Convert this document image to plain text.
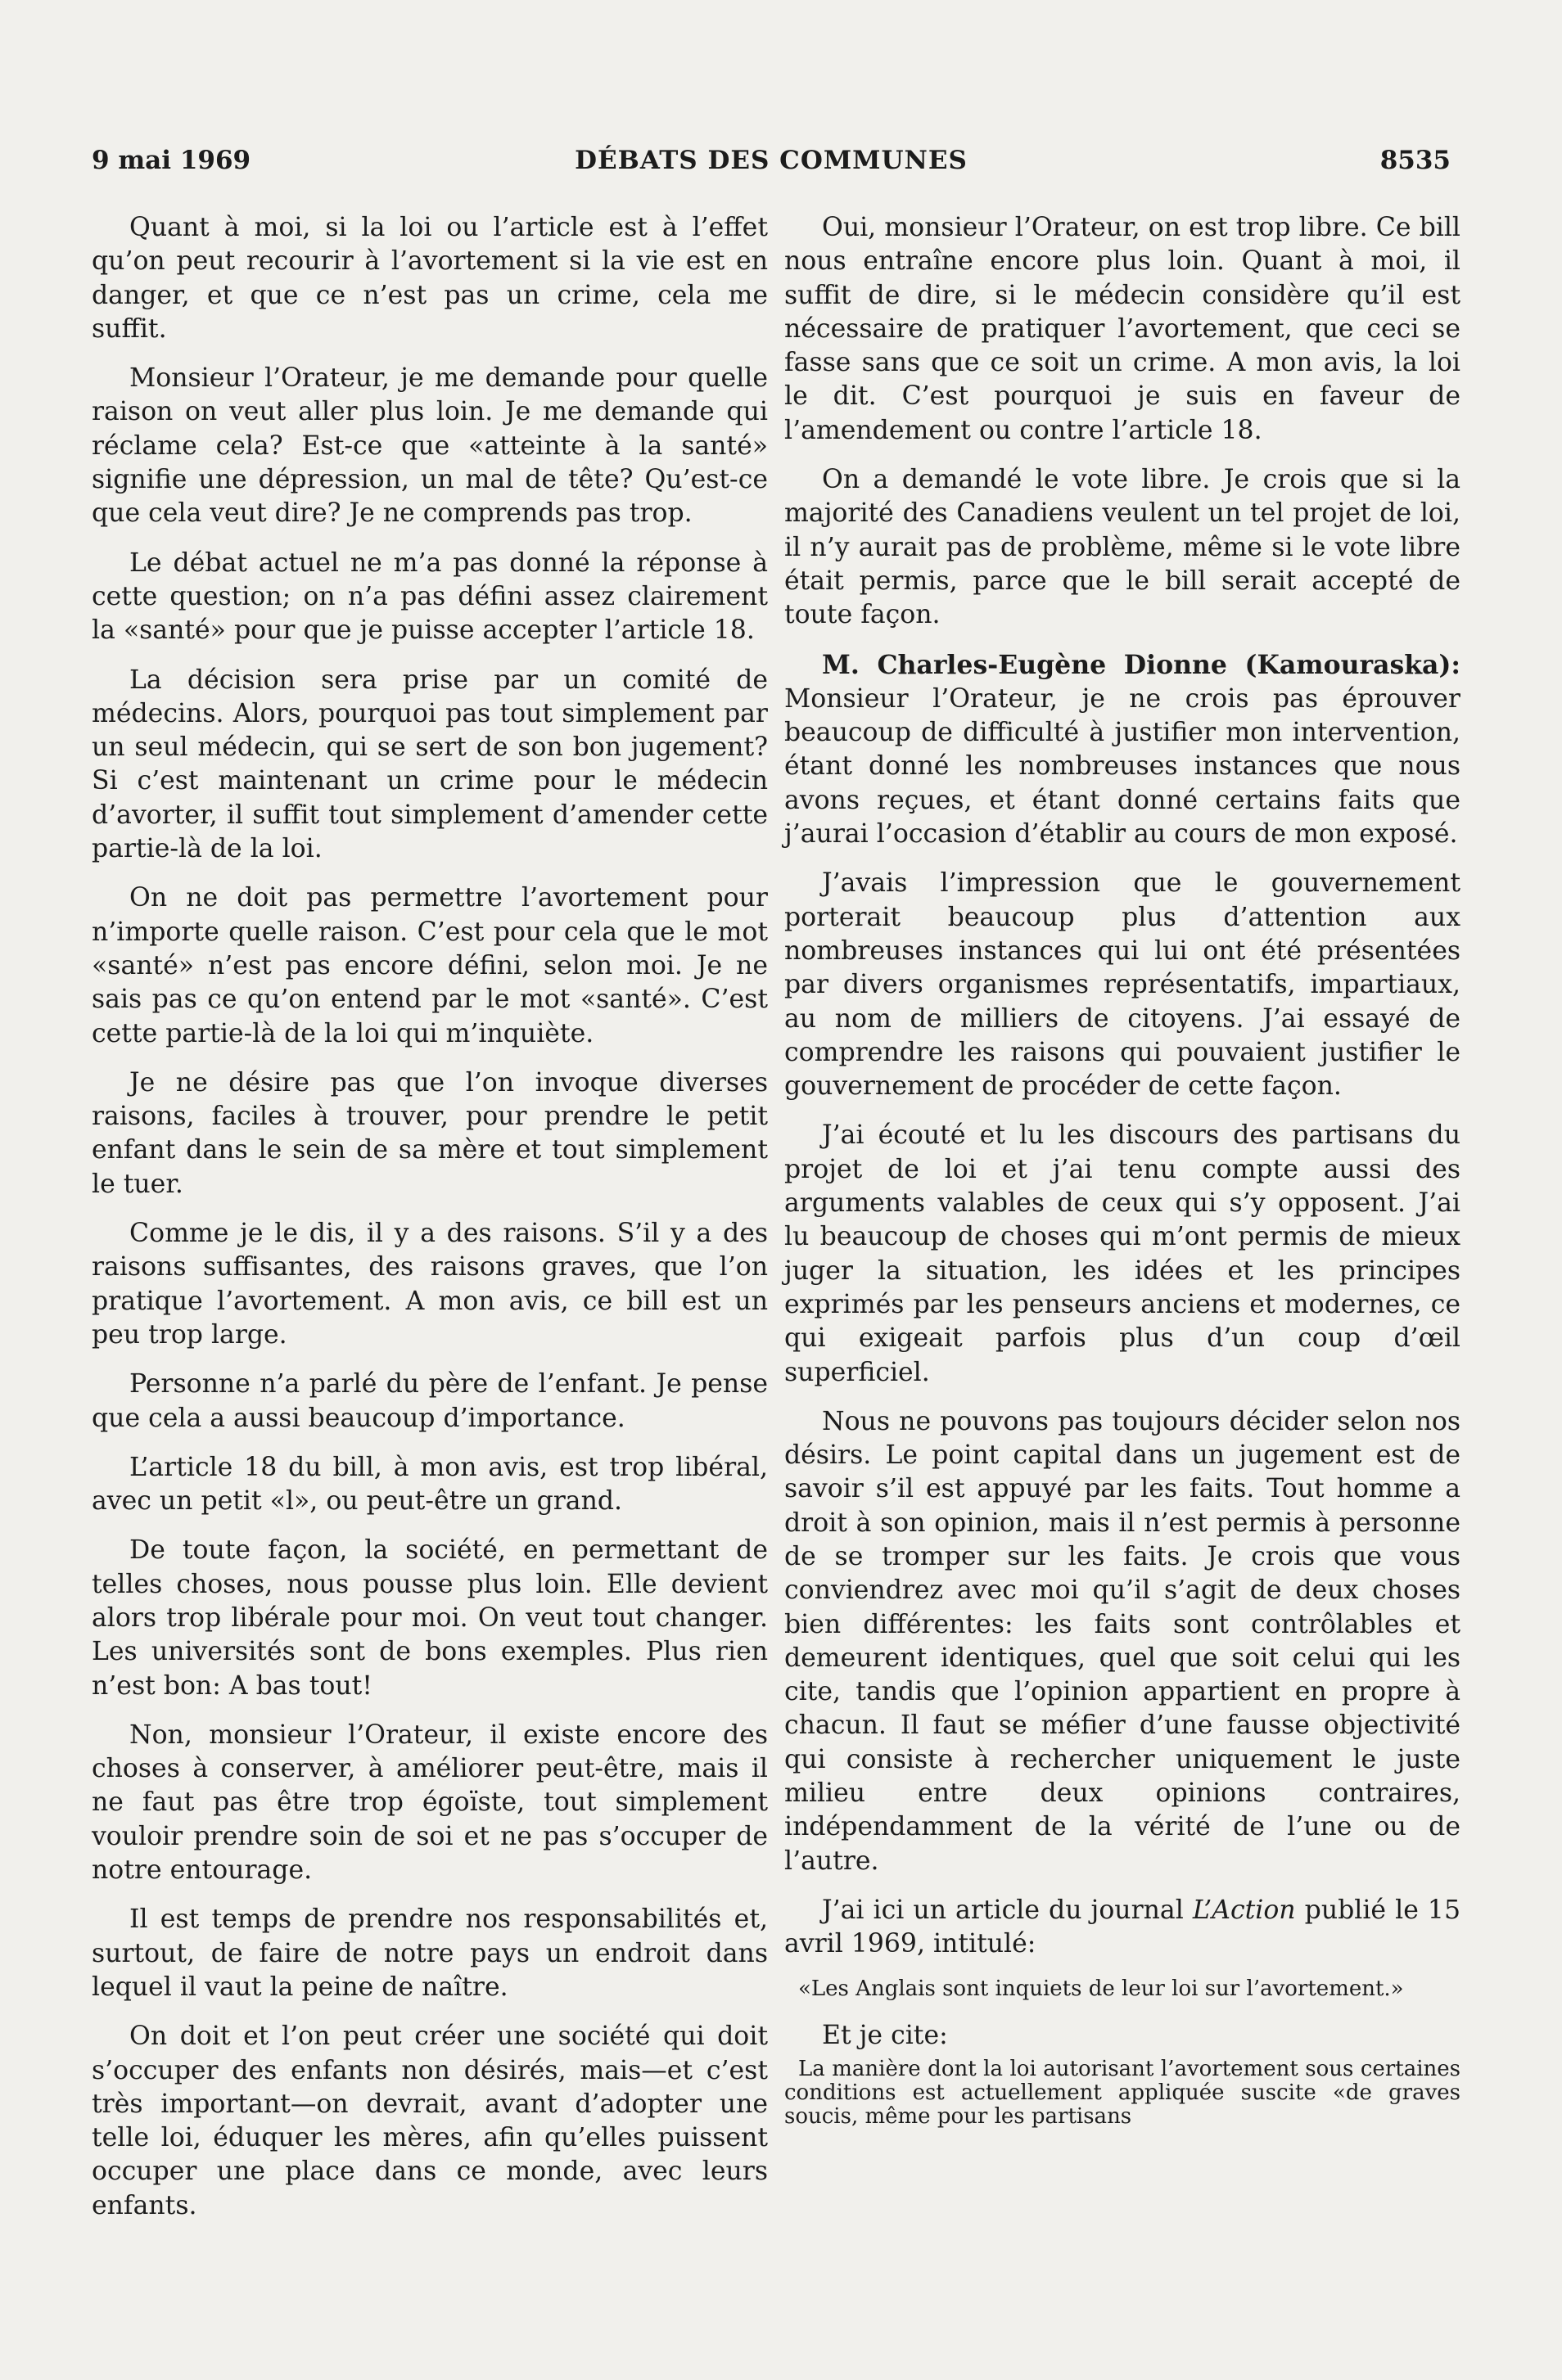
9 mai 1969	DÉBATS DES COMMUNES	8535

Quant à moi, si la loi ou l’article est à l’effet qu’on peut recourir à l’avortement si la vie est en danger, et que ce n’est pas un crime, cela me suffit.

Monsieur l’Orateur, je me demande pour quelle raison on veut aller plus loin. Je me demande qui réclame cela? Est-ce que «atteinte à la santé» signifie une dépression, un mal de tête? Qu’est-ce que cela veut dire? Je ne comprends pas trop.

Le débat actuel ne m’a pas donné la réponse à cette question; on n’a pas défini assez clairement la «santé» pour que je puisse accepter l’article 18.

La décision sera prise par un comité de médecins. Alors, pourquoi pas tout simplement par un seul médecin, qui se sert de son bon jugement? Si c’est maintenant un crime pour le médecin d’avorter, il suffit tout simplement d’amender cette partie-là de la loi.

On ne doit pas permettre l’avortement pour n’importe quelle raison. C’est pour cela que le mot «santé» n’est pas encore défini, selon moi. Je ne sais pas ce qu’on entend par le mot «santé». C’est cette partie-là de la loi qui m’inquiète.

Je ne désire pas que l’on invoque diverses raisons, faciles à trouver, pour prendre le petit enfant dans le sein de sa mère et tout simplement le tuer.

Comme je le dis, il y a des raisons. S’il y a des raisons suffisantes, des raisons graves, que l’on pratique l’avortement. A mon avis, ce bill est un peu trop large.

Personne n’a parlé du père de l’enfant. Je pense que cela a aussi beaucoup d’importance.

L’article 18 du bill, à mon avis, est trop libéral, avec un petit «l», ou peut-être un grand.

De toute façon, la société, en permettant de telles choses, nous pousse plus loin. Elle devient alors trop libérale pour moi. On veut tout changer. Les universités sont de bons exemples. Plus rien n’est bon: A bas tout!

Non, monsieur l’Orateur, il existe encore des choses à conserver, à améliorer peut-être, mais il ne faut pas être trop égoïste, tout simplement vouloir prendre soin de soi et ne pas s’occuper de notre entourage.

Il est temps de prendre nos responsabilités et, surtout, de faire de notre pays un endroit dans lequel il vaut la peine de naître.

On doit et l’on peut créer une société qui doit s’occuper des enfants non désirés, mais—et c’est très important—on devrait, avant d’adopter une telle loi, éduquer les mères, afin qu’elles puissent occuper une place dans ce monde, avec leurs enfants.

Oui, monsieur l’Orateur, on est trop libre. Ce bill nous entraîne encore plus loin. Quant à moi, il suffit de dire, si le médecin considère qu’il est nécessaire de pratiquer l’avortement, que ceci se fasse sans que ce soit un crime. A mon avis, la loi le dit. C’est pourquoi je suis en faveur de l’amendement ou contre l’article 18.

On a demandé le vote libre. Je crois que si la majorité des Canadiens veulent un tel projet de loi, il n’y aurait pas de problème, même si le vote libre était permis, parce que le bill serait accepté de toute façon.

M. Charles-Eugène Dionne (Kamouraska): Monsieur l’Orateur, je ne crois pas éprouver beaucoup de difficulté à justifier mon intervention, étant donné les nombreuses instances que nous avons reçues, et étant donné certains faits que j’aurai l’occasion d’établir au cours de mon exposé.

J’avais l’impression que le gouvernement porterait beaucoup plus d’attention aux nombreuses instances qui lui ont été présentées par divers organismes représentatifs, impartiaux, au nom de milliers de citoyens. J’ai essayé de comprendre les raisons qui pouvaient justifier le gouvernement de procéder de cette façon.

J’ai écouté et lu les discours des partisans du projet de loi et j’ai tenu compte aussi des arguments valables de ceux qui s’y opposent. J’ai lu beaucoup de choses qui m’ont permis de mieux juger la situation, les idées et les principes exprimés par les penseurs anciens et modernes, ce qui exigeait parfois plus d’un coup d’œil superficiel.

Nous ne pouvons pas toujours décider selon nos désirs. Le point capital dans un jugement est de savoir s’il est appuyé par les faits. Tout homme a droit à son opinion, mais il n’est permis à personne de se tromper sur les faits. Je crois que vous conviendrez avec moi qu’il s’agit de deux choses bien différentes: les faits sont contrôlables et demeurent identiques, quel que soit celui qui les cite, tandis que l’opinion appartient en propre à chacun. Il faut se méfier d’une fausse objectivité qui consiste à rechercher uniquement le juste milieu entre deux opinions contraires, indépendamment de la vérité de l’une ou de l’autre.

J’ai ici un article du journal L’Action publié le 15 avril 1969, intitulé:

«Les Anglais sont inquiets de leur loi sur l’avortement.»

Et je cite:

La manière dont la loi autorisant l’avortement sous certaines conditions est actuellement appliquée suscite «de graves soucis, même pour les partisans
